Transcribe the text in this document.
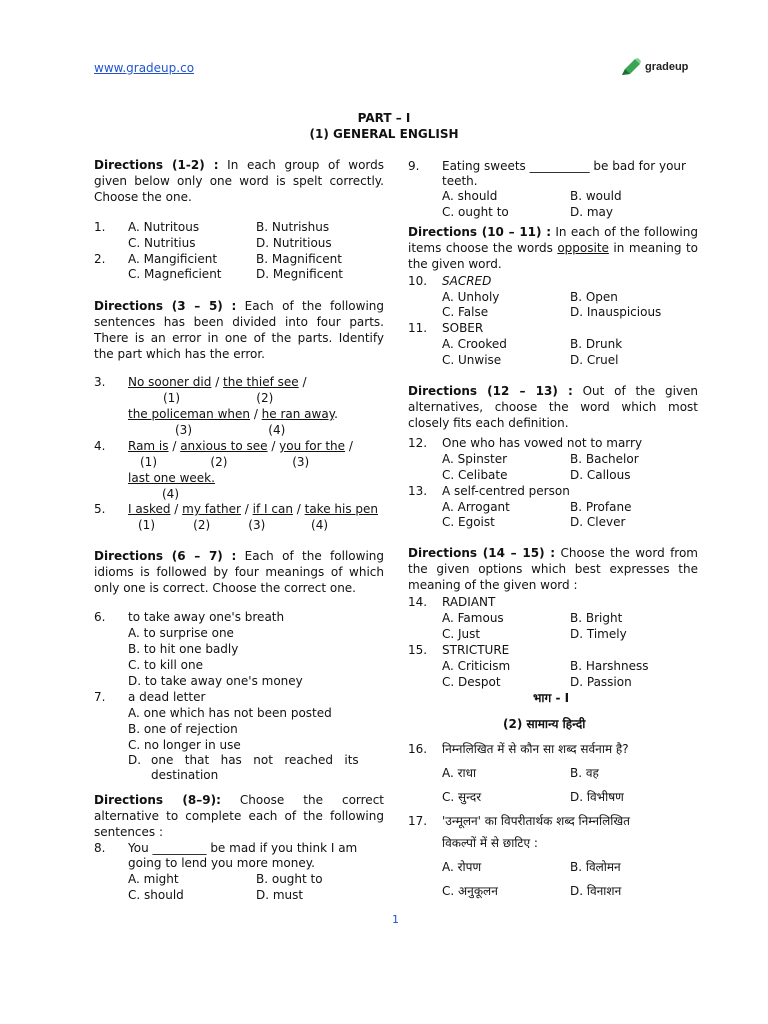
www.gradeup.co	gradeup
PART – I
(1) GENERAL ENGLISH
Directions (1-2) : In each group of words given below only one word is spelt correctly. Choose the one.
1. A. Nutritous	B. Nutrishus
C. Nutritius	D. Nutritious
2. A. Mangificient	B. Magnificent
C. Magneficient	D. Megnificent
Directions (3 – 5) : Each of the following sentences has been divided into four parts. There is an error in one of the parts. Identify the part which has the error.
3. No sooner did / the thief see /
(1)                    (2)
the policeman when / he ran away.
(3)                    (4)
4. Ram is / anxious to see / you for the /
(1)              (2)                 (3)
last one week.
(4)
5. I asked / my father / if I can / take his pen
(1)          (2)          (3)            (4)
Directions (6 – 7) : Each of the following idioms is followed by four meanings of which only one is correct. Choose the correct one.
6. to take away one's breath
A. to surprise one
B. to hit one badly
C. to kill one
D. to take away one's money
7. a dead letter
A. one which has not been posted
B. one of rejection
C. no longer in use
D. one   that   has   not   reached   its
destination
Directions (8–9): Choose the correct alternative to complete each of the following sentences :
8. You _________ be mad if you think I am
going to lend you more money.
A. might	B. ought to
C. should	D. must
9. Eating sweets __________ be bad for your
teeth.
A. should	B. would
C. ought to	D. may
Directions (10 – 11) : In each of the following items choose the words opposite in meaning to the given word.
10. SACRED
A. Unholy	B. Open
C. False	D. Inauspicious
11. SOBER
A. Crooked	B. Drunk
C. Unwise	D. Cruel
Directions (12 – 13) : Out of the given alternatives, choose the word which most closely fits each definition.
12. One who has vowed not to marry
A. Spinster	B. Bachelor
C. Celibate	D. Callous
13. A self-centred person
A. Arrogant	B. Profane
C. Egoist	D. Clever
Directions (14 – 15) : Choose the word from the given options which best expresses the meaning of the given word :
14. RADIANT
A. Famous	B. Bright
C. Just	D. Timely
15. STRICTURE
A. Criticism	B. Harshness
C. Despot	D. Passion
भाग - I
(2) सामान्य हिन्दी
16. निम्नलिखित में से कौन सा शब्द सर्वनाम है?
A. राधा	B. वह
C. सुन्दर	D. विभीषण
17. 'उन्मूलन' का विपरीतार्थक शब्द निम्नलिखित
विकल्पों में से छाटिए :
A. रोपण	B. विलोमन
C. अनुकूलन	D. विनाशन
1
